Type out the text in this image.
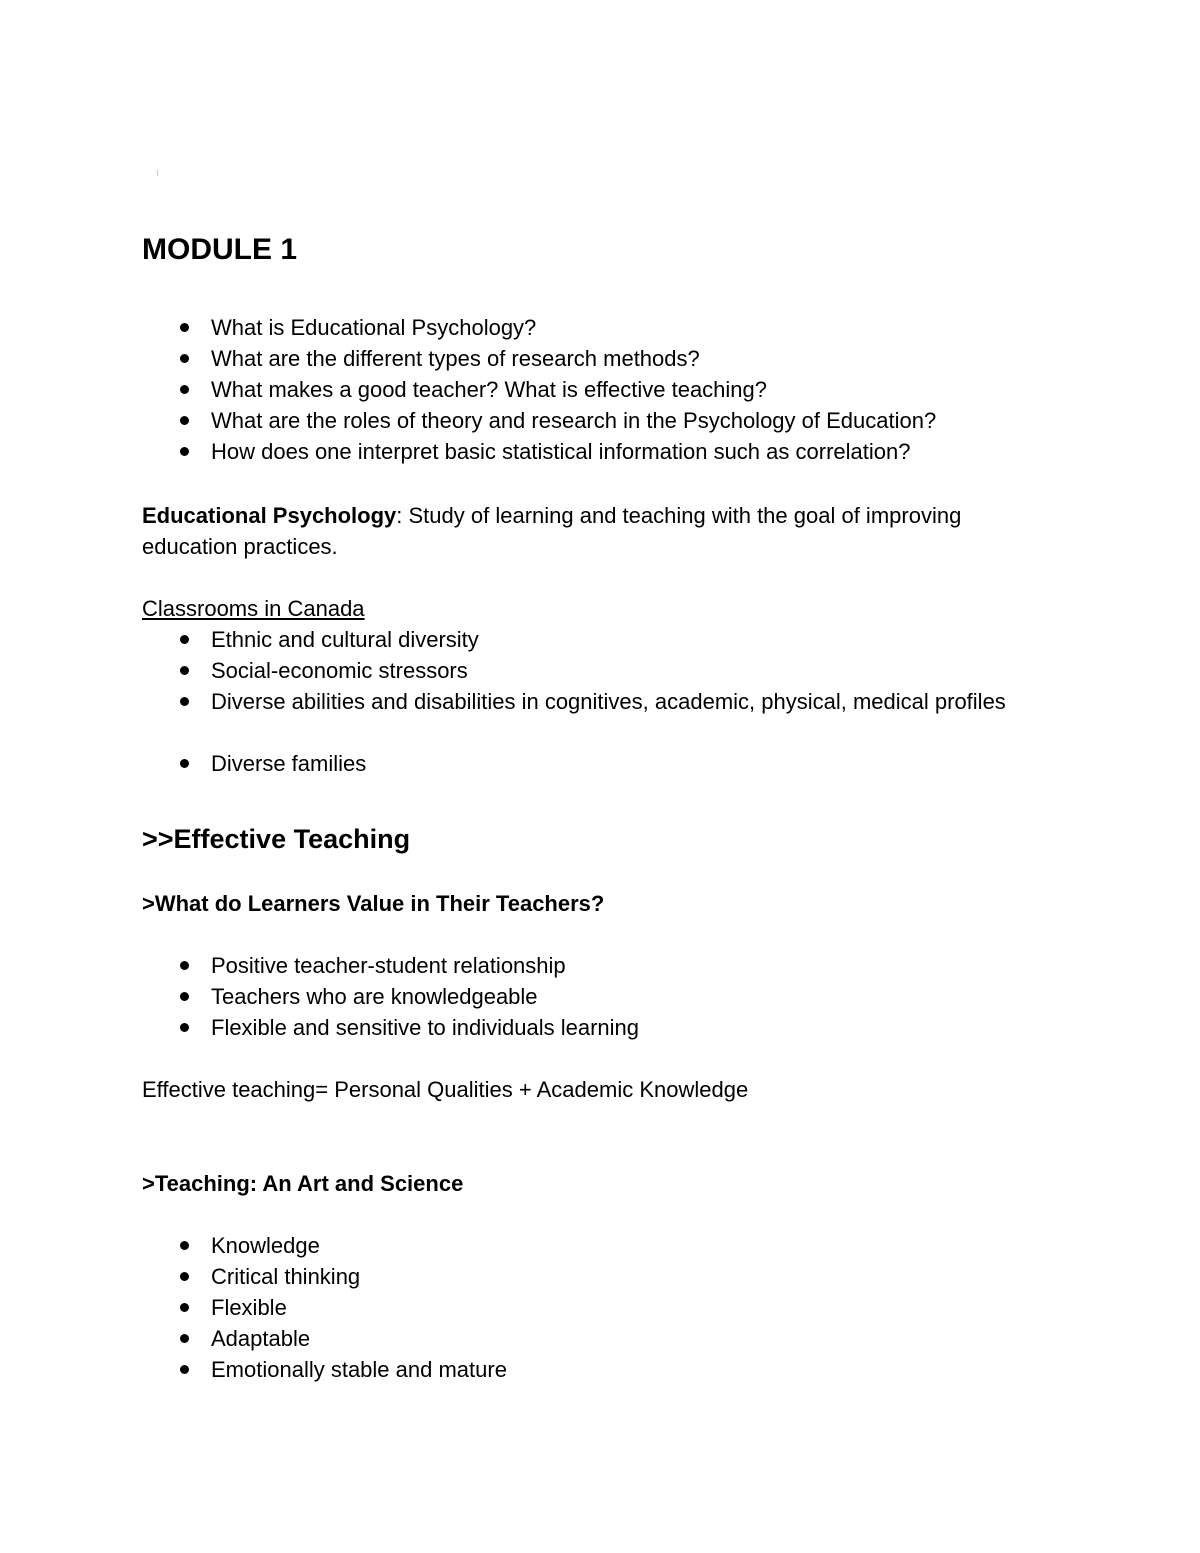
MODULE 1
What is Educational Psychology?
What are the different types of research methods?
What makes a good teacher? What is effective teaching?
What are the roles of theory and research in the Psychology of Education?
How does one interpret basic statistical information such as correlation?
Educational Psychology: Study of learning and teaching with the goal of improving education practices.
Classrooms in Canada
Ethnic and cultural diversity
Social-economic stressors
Diverse abilities and disabilities in cognitives, academic, physical, medical profiles
Diverse families
>>Effective Teaching
>What do Learners Value in Their Teachers?
Positive teacher-student relationship
Teachers who are knowledgeable
Flexible and sensitive to individuals learning
Effective teaching= Personal Qualities + Academic Knowledge
>Teaching: An Art and Science
Knowledge
Critical thinking
Flexible
Adaptable
Emotionally stable and mature
